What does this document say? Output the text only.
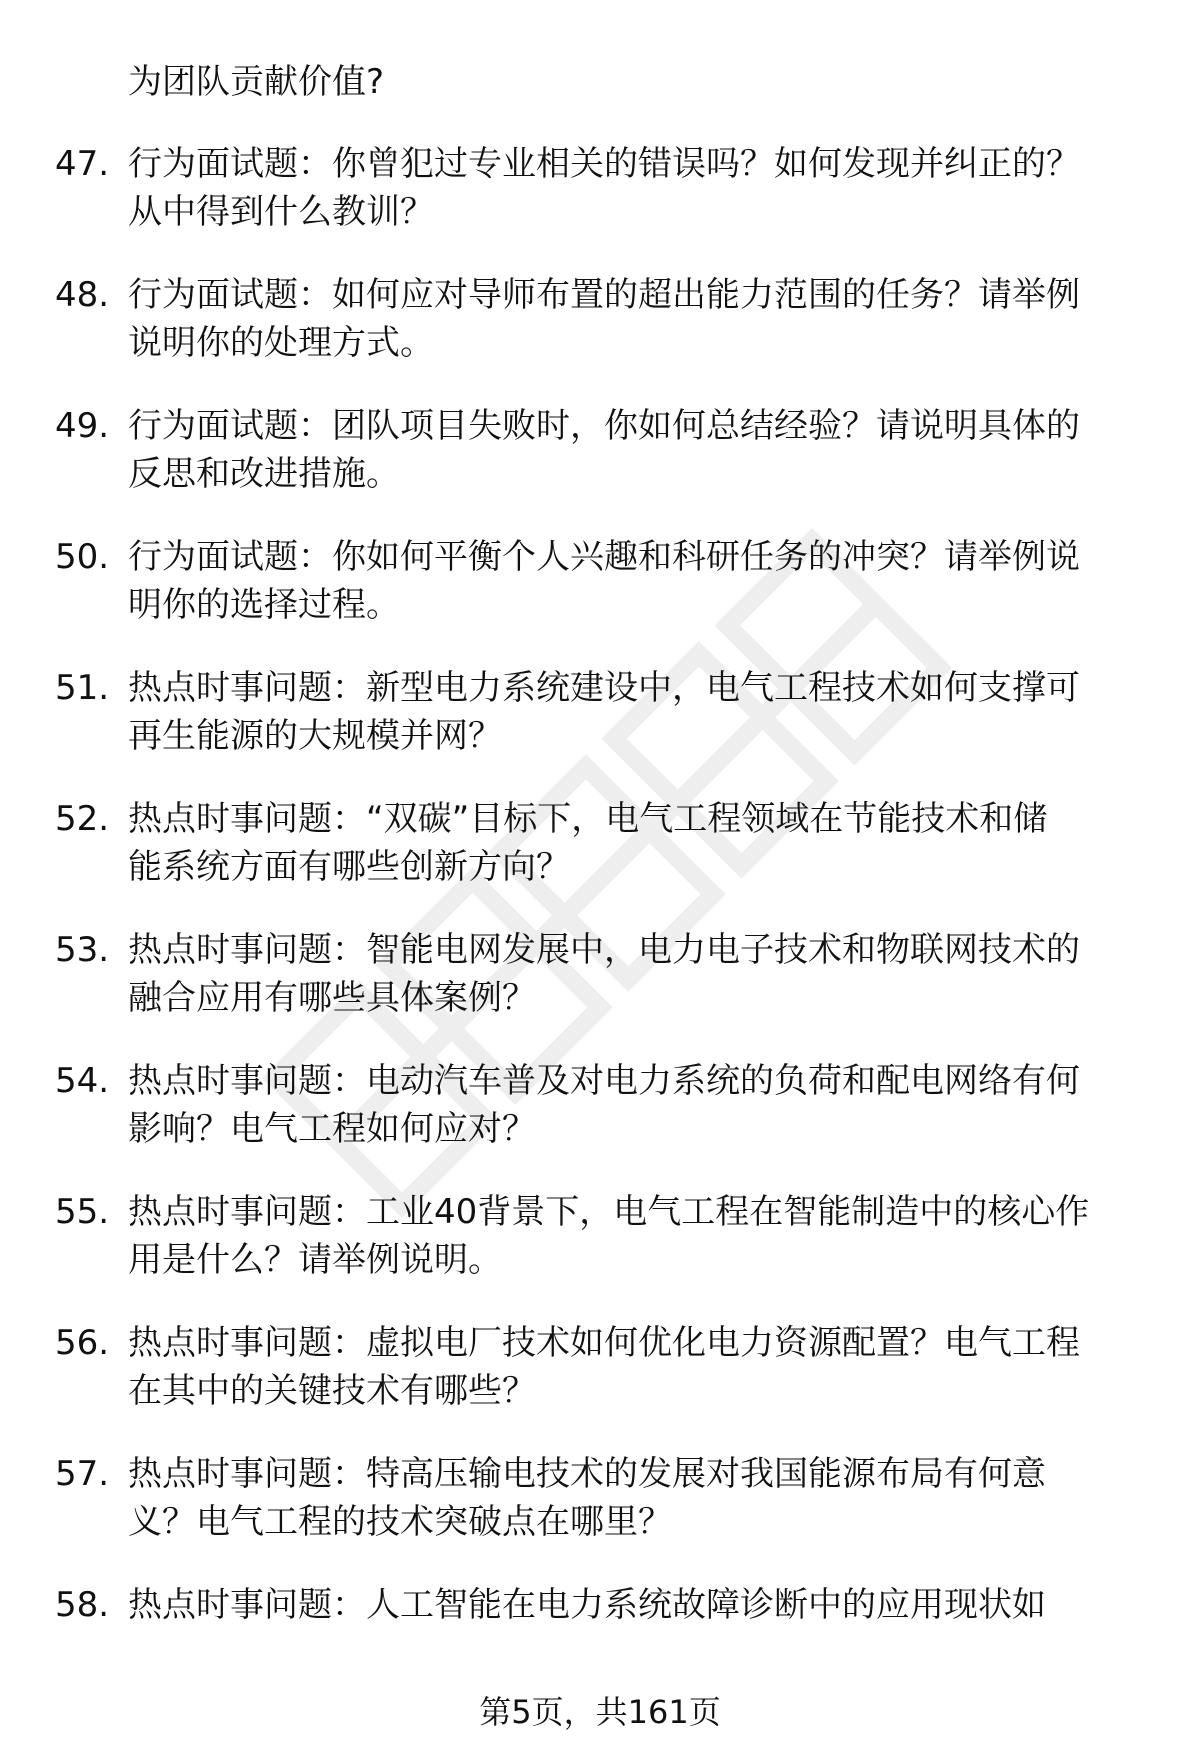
为团队贡献价值?
47. 行为面试题：你曾犯过专业相关的错误吗？如何发现并纠正的？
从中得到什么教训？
48. 行为面试题：如何应对导师布置的超出能力范围的任务？请举例
说明你的处理方式。
49. 行为面试题：团队项目失败时，你如何总结经验？请说明具体的
反思和改进措施。
50. 行为面试题：你如何平衡个人兴趣和科研任务的冲突？请举例说
明你的选择过程。
51. 热点时事问题：新型电力系统建设中，电气工程技术如何支撑可
再生能源的大规模并网？
52. 热点时事问题：“双碳”目标下，电气工程领域在节能技术和储
能系统方面有哪些创新方向？
53. 热点时事问题：智能电网发展中，电力电子技术和物联网技术的
融合应用有哪些具体案例？
54. 热点时事问题：电动汽车普及对电力系统的负荷和配电网络有何
影响？电气工程如何应对？
55. 热点时事问题：工业40背景下，电气工程在智能制造中的核心作
用是什么？请举例说明。
56. 热点时事问题：虚拟电厂技术如何优化电力资源配置？电气工程
在其中的关键技术有哪些？
57. 热点时事问题：特高压输电技术的发展对我国能源布局有何意
义？电气工程的技术突破点在哪里？
58. 热点时事问题：人工智能在电力系统故障诊断中的应用现状如
第5页，共161页
